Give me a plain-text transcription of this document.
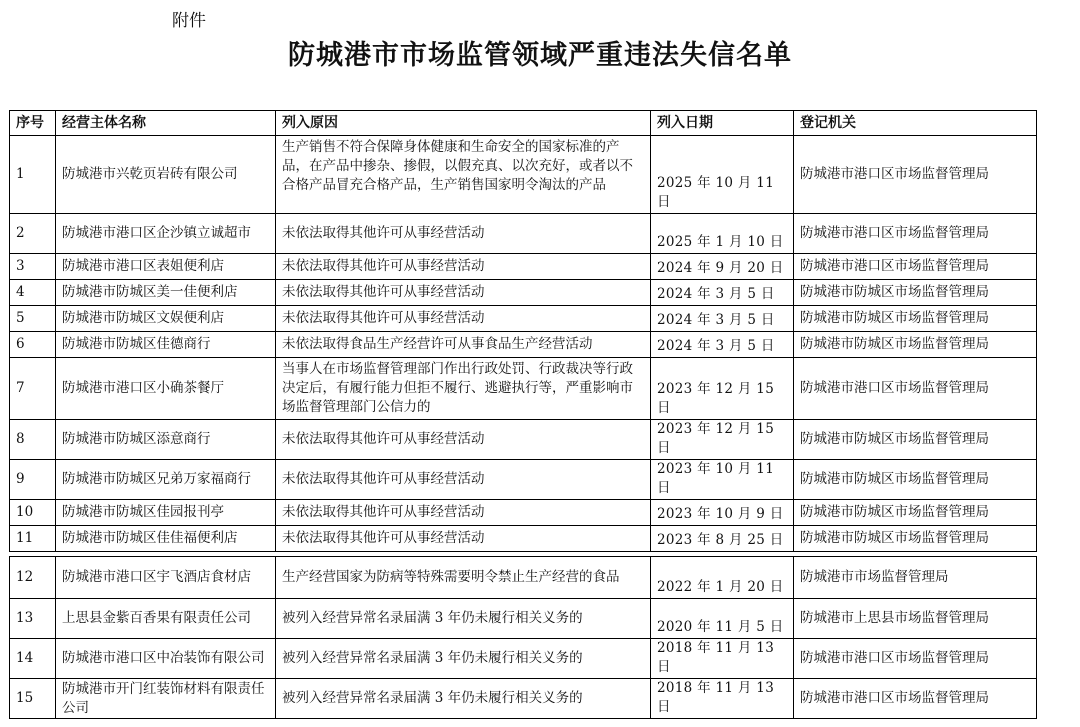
附件
防城港市市场监管领域严重违法失信名单
序号	经营主体名称	列入原因	列入日期	登记机关
1	防城港市兴乾页岩砖有限公司	生产销售不符合保障身体健康和生命安全的国家标准的产品，在产品中掺杂、掺假，以假充真、以次充好，或者以不合格产品冒充合格产品，生产销售国家明令淘汰的产品	2025 年 10 月 11 日	防城港市港口区市场监督管理局
2	防城港市港口区企沙镇立诚超市	未依法取得其他许可从事经营活动	2025 年 1 月 10 日	防城港市港口区市场监督管理局
3	防城港市港口区表姐便利店	未依法取得其他许可从事经营活动	2024 年 9 月 20 日	防城港市港口区市场监督管理局
4	防城港市防城区美一佳便利店	未依法取得其他许可从事经营活动	2024 年 3 月 5 日	防城港市防城区市场监督管理局
5	防城港市防城区文娱便利店	未依法取得其他许可从事经营活动	2024 年 3 月 5 日	防城港市防城区市场监督管理局
6	防城港市防城区佳德商行	未依法取得食品生产经营许可从事食品生产经营活动	2024 年 3 月 5 日	防城港市防城区市场监督管理局
7	防城港市港口区小确茶餐厅	当事人在市场监督管理部门作出行政处罚、行政裁决等行政决定后，有履行能力但拒不履行、逃避执行等，严重影响市场监督管理部门公信力的	2023 年 12 月 15 日	防城港市港口区市场监督管理局
8	防城港市防城区添意商行	未依法取得其他许可从事经营活动	2023 年 12 月 15 日	防城港市防城区市场监督管理局
9	防城港市防城区兄弟万家福商行	未依法取得其他许可从事经营活动	2023 年 10 月 11 日	防城港市防城区市场监督管理局
10	防城港市防城区佳园报刊亭	未依法取得其他许可从事经营活动	2023 年 10 月 9 日	防城港市防城区市场监督管理局
11	防城港市防城区佳佳福便利店	未依法取得其他许可从事经营活动	2023 年 8 月 25 日	防城港市防城区市场监督管理局
12	防城港市港口区宇飞酒店食材店	生产经营国家为防病等特殊需要明令禁止生产经营的食品	2022 年 1 月 20 日	防城港市市场监督管理局
13	上思县金紫百香果有限责任公司	被列入经营异常名录届满 3 年仍未履行相关义务的	2020 年 11 月 5 日	防城港市上思县市场监督管理局
14	防城港市港口区中冶装饰有限公司	被列入经营异常名录届满 3 年仍未履行相关义务的	2018 年 11 月 13 日	防城港市港口区市场监督管理局
15	防城港市开门红装饰材料有限责任公司	被列入经营异常名录届满 3 年仍未履行相关义务的	2018 年 11 月 13 日	防城港市港口区市场监督管理局
